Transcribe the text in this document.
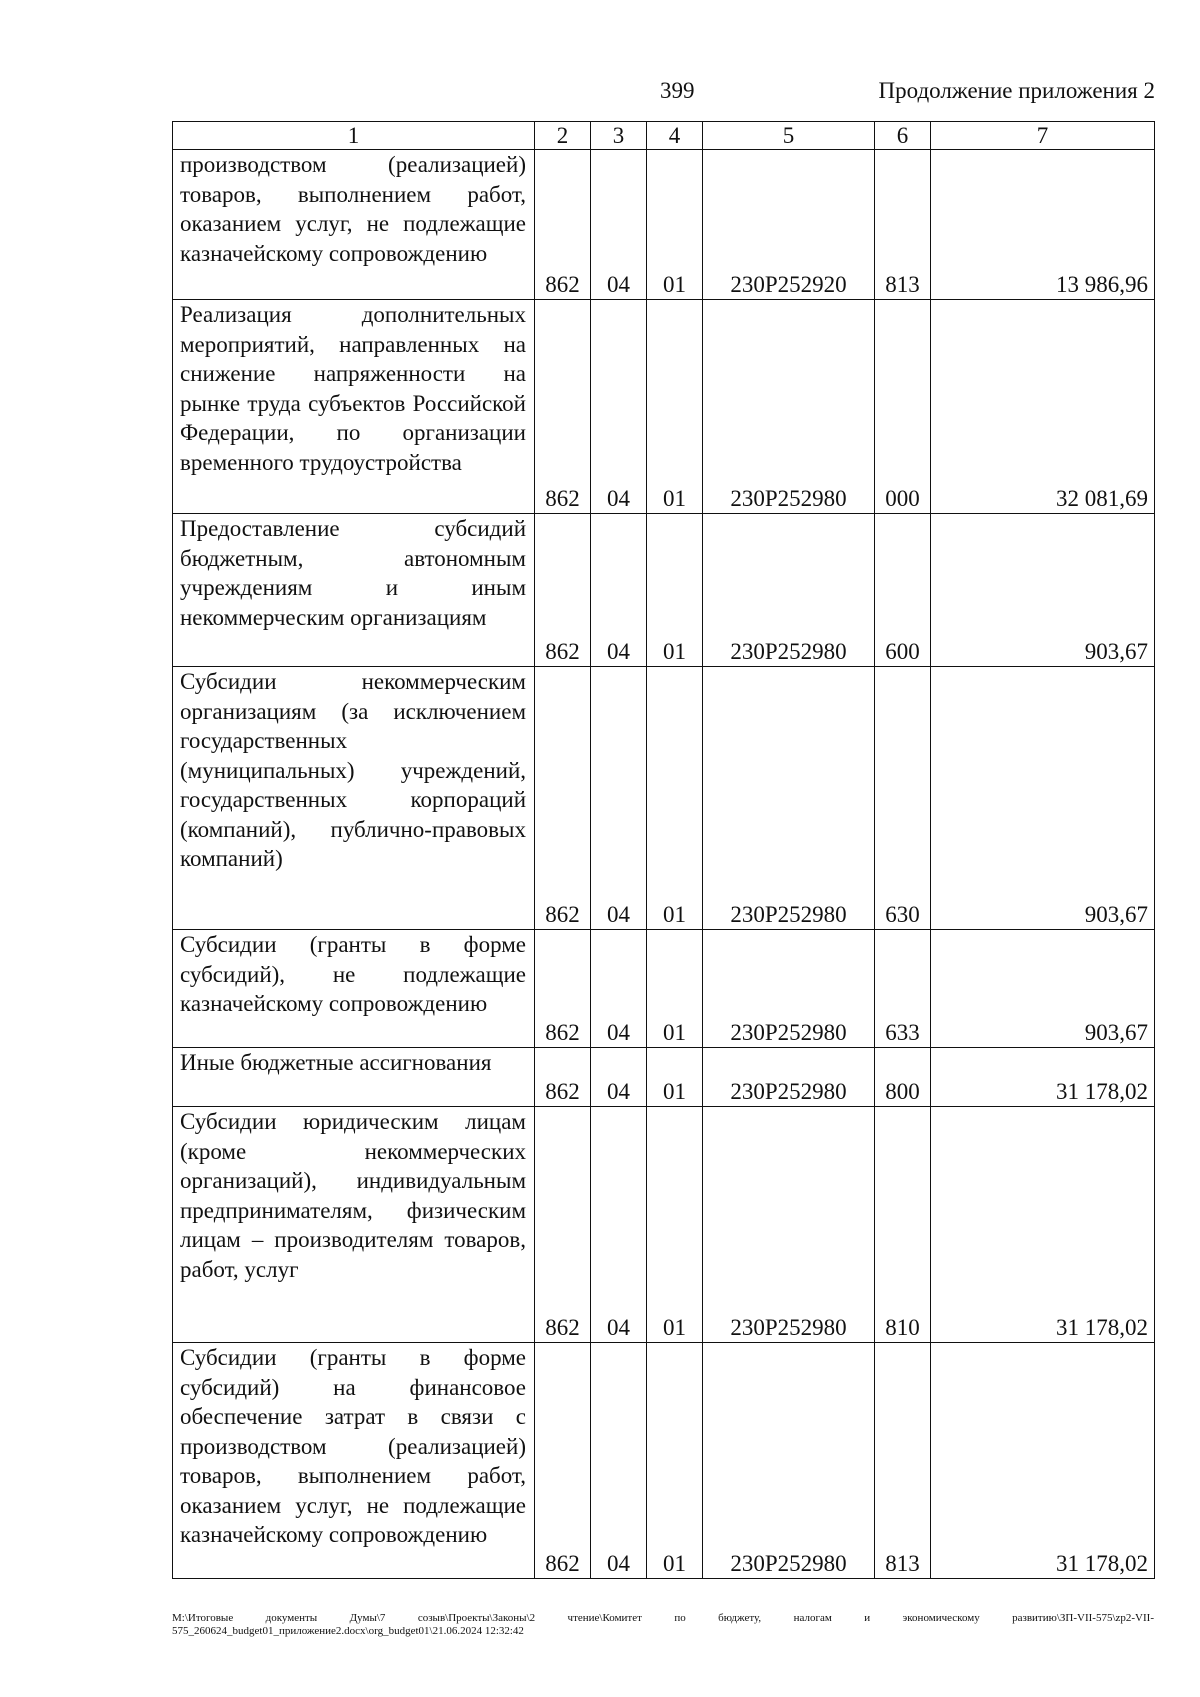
399	Продолжение приложения 2
1	2	3	4	5	6	7
производством (реализацией) товаров, выполнением работ, оказанием услуг, не подлежащие казначейскому сопровождению	862	04	01	230Р252920	813	13 986,96
Реализация дополнительных мероприятий, направленных на снижение напряженности на рынке труда субъектов Российской Федерации, по организации временного трудоустройства	862	04	01	230Р252980	000	32 081,69
Предоставление субсидий бюджетным, автономным учреждениям и иным некоммерческим организациям	862	04	01	230Р252980	600	903,67
Субсидии некоммерческим организациям (за исключением государственных (муниципальных) учреждений, государственных корпораций (компаний), публично-правовых компаний)	862	04	01	230Р252980	630	903,67
Субсидии (гранты в форме субсидий), не подлежащие казначейскому сопровождению	862	04	01	230Р252980	633	903,67
Иные бюджетные ассигнования	862	04	01	230Р252980	800	31 178,02
Субсидии юридическим лицам (кроме некоммерческих организаций), индивидуальным предпринимателям, физическим лицам – производителям товаров, работ, услуг	862	04	01	230Р252980	810	31 178,02
Субсидии (гранты в форме субсидий) на финансовое обеспечение затрат в связи с производством (реализацией) товаров, выполнением работ, оказанием услуг, не подлежащие казначейскому сопровождению	862	04	01	230Р252980	813	31 178,02
M:\Итоговые документы Думы\7 созыв\Проекты\Законы\2 чтение\Комитет по бюджету, налогам и экономическому развитию\ЗП-VII-575\zp2-VII-575_260624_budget01_приложение2.docx\org_budget01\21.06.2024 12:32:42
